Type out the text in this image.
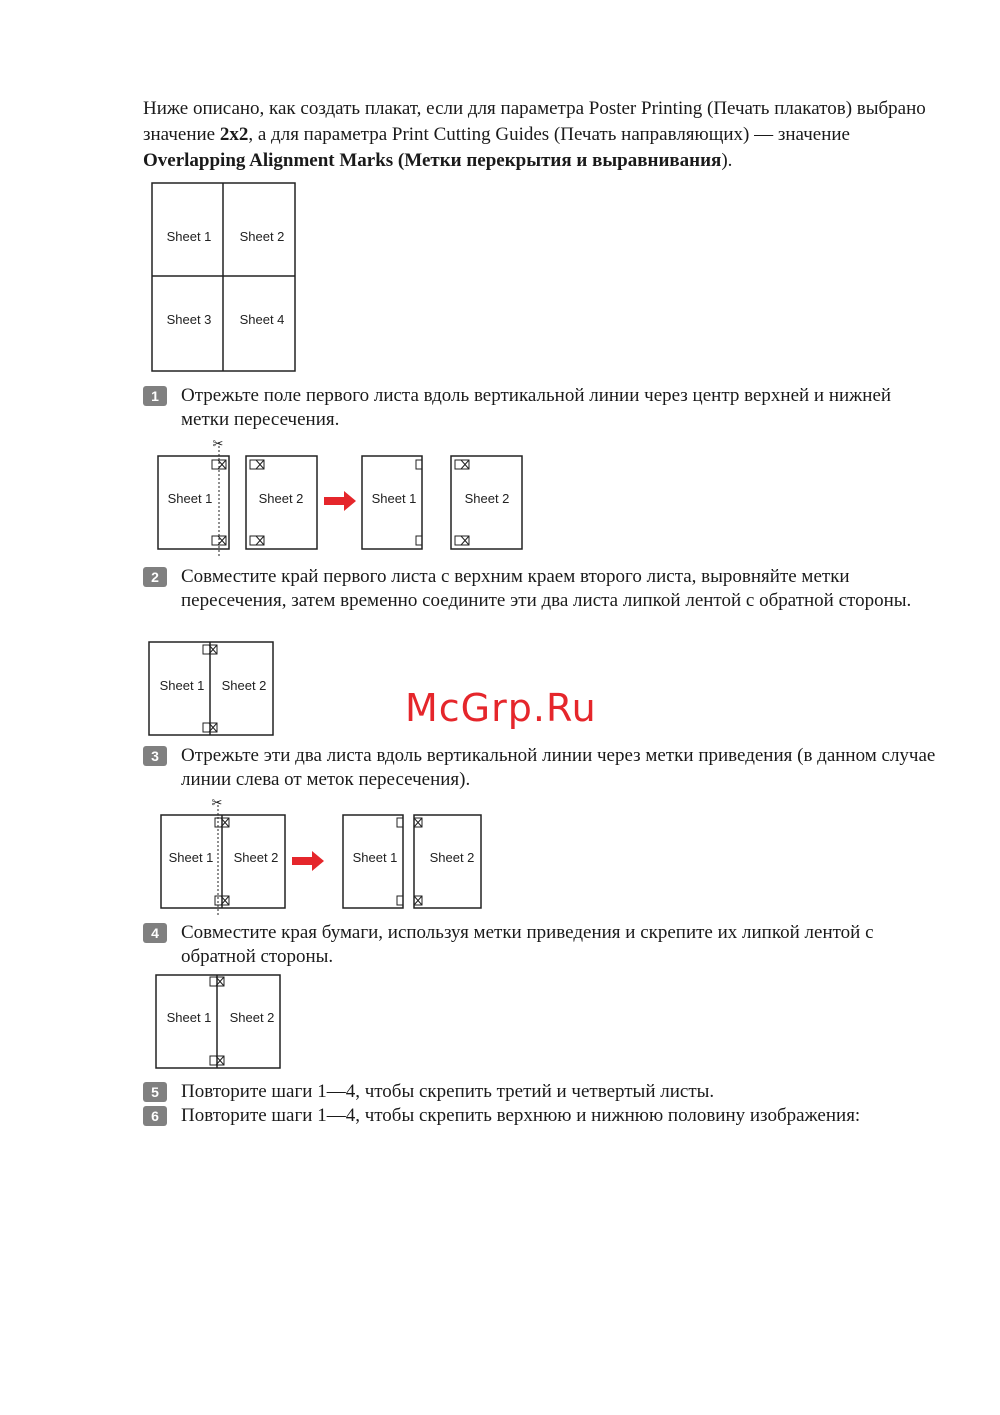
Ниже описано, как создать плакат, если для параметра Poster Printing (Печать плакатов) выбрано значение 2x2, а для параметра Print Cutting Guides (Печать направляющих) — значение Overlapping Alignment Marks (Метки перекрытия и выравнивания).

Sheet 1 Sheet 2
Sheet 3 Sheet 4
1	Отрежьте поле первого листа вдоль вертикальной линии через центр верхней и нижней метки пересечения.
✂
Sheet 1	Sheet 2	Sheet 1	Sheet 2
2	Совместите край первого листа с верхним краем второго листа, выровняйте метки пересечения, затем временно соедините эти два листа липкой лентой с обратной стороны.
Sheet 1 Sheet 2
McGrp.Ru
3	Отрежьте эти два листа вдоль вертикальной линии через метки приведения (в данном случае линии слева от меток пересечения).
✂
Sheet 1 Sheet 2	Sheet 1 Sheet 2
4	Совместите края бумаги, используя метки приведения и скрепите их липкой лентой с обратной стороны.
Sheet 1 Sheet 2
5	Повторите шаги 1—4, чтобы скрепить третий и четвертый листы.
6	Повторите шаги 1—4, чтобы скрепить верхнюю и нижнюю половину изображения:
